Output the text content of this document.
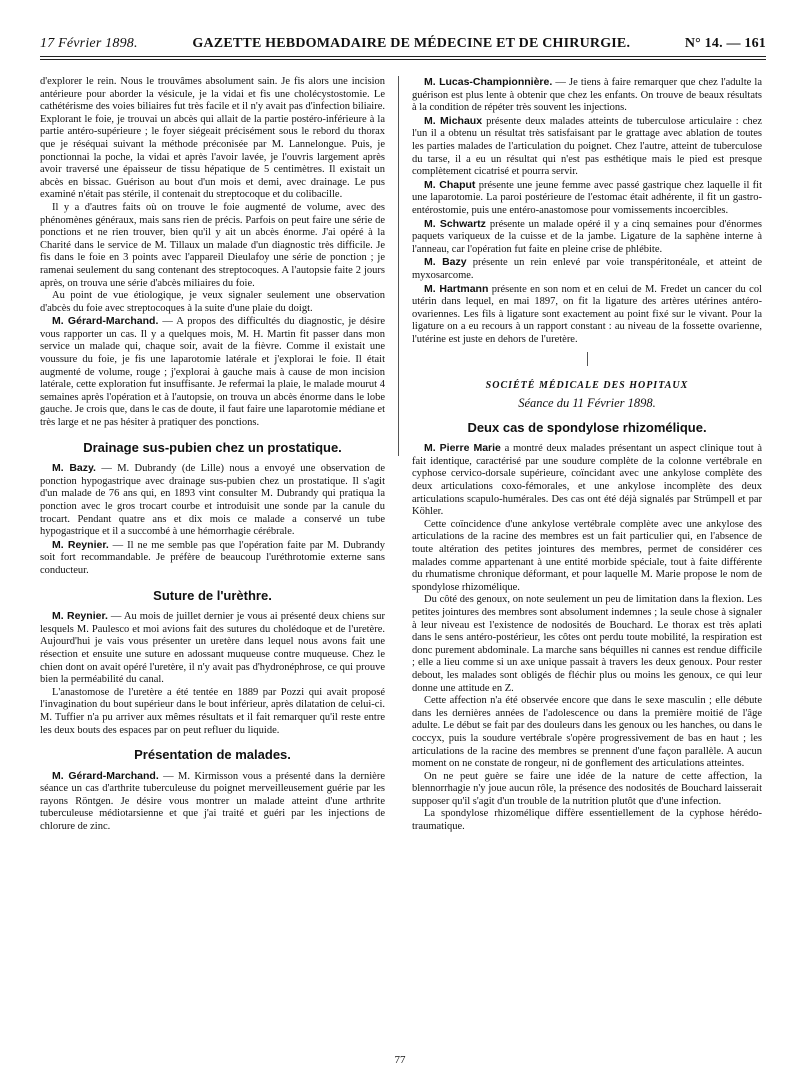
17 Février 1898.	GAZETTE HEBDOMADAIRE DE MÉDECINE ET DE CHIRURGIE.	N° 14. — 161

d'explorer le rein. Nous le trouvâmes absolument sain. Je fis alors une incision antérieure pour aborder la vésicule, je la vidai et fis une cholécystostomie. Le cathétérisme des voies biliaires fut très facile et il n'y avait pas d'infection biliaire. Explorant le foie, je trouvai un abcès qui allait de la partie postéro-inférieure à la partie antéro-supérieure ; le foyer siégeait précisément sous le rebord du thorax que je réséquai suivant la méthode préconisée par M. Lannelongue. Puis, je ponctionnai la poche, la vidai et après l'avoir lavée, je l'ouvris largement après avoir traversé une épaisseur de tissu hépatique de 5 centimètres. Il existait un abcès en bissac. Guérison au bout d'un mois et demi, avec drainage. Le pus examiné n'était pas stérile, il contenait du streptocoque et du colibacille.

Il y a d'autres faits où on trouve le foie augmenté de volume, avec des phénomènes généraux, mais sans rien de précis. Parfois on peut faire une série de ponctions et ne rien trouver, bien qu'il y ait un abcès énorme. J'ai opéré à la Charité dans le service de M. Tillaux un malade d'un diagnostic très difficile. Je fis dans le foie en 3 points avec l'appareil Dieulafoy une série de ponction ; je ramenai seulement du sang contenant des streptocoques. A l'autopsie faite 2 jours après, on trouva une série d'abcès miliaires du foie.

Au point de vue étiologique, je veux signaler seulement une observation d'abcès du foie avec streptocoques à la suite d'une plaie du doigt.

M. Gérard-Marchand. — A propos des difficultés du diagnostic, je désire vous rapporter un cas. Il y a quelques mois, M. H. Martin fit passer dans mon service un malade qui, chaque soir, avait de la fièvre. Comme il existait une voussure du foie, je fis une laparotomie latérale et j'explorai le foie. Il était augmenté de volume, rouge ; j'explorai à gauche mais à cause de mon incision latérale, cette exploration fut insuffisante. Je refermai la plaie, le malade mourut 4 semaines après l'opération et à l'autopsie, on trouva un abcès énorme dans le lobe gauche. Je crois que, dans le cas de doute, il faut faire une laparotomie médiane et très large et ne pas hésiter à pratiquer des ponctions.

Drainage sus-pubien chez un prostatique.

M. Bazy. — M. Dubrandy (de Lille) nous a envoyé une observation de ponction hypogastrique avec drainage sus-pubien chez un prostatique. Il s'agit d'un malade de 76 ans qui, en 1893 vint consulter M. Dubrandy qui pratiqua la ponction avec le gros trocart courbe et introduisit une sonde par la canule du trocart. Pendant quatre ans et dix mois ce malade a conservé un tube hypogastrique et il a succombé à une hémorrhagie cérébrale.

M. Reynier. — Il ne me semble pas que l'opération faite par M. Dubrandy soit fort recommandable. Je préfère de beaucoup l'uréthrotomie externe sans conducteur.

Suture de l'urèthre.

M. Reynier. — Au mois de juillet dernier je vous ai présenté deux chiens sur lesquels M. Paulesco et moi avions fait des sutures du cholédoque et de l'uretère. Aujourd'hui je vais vous présenter un uretère dans lequel nous avons fait une résection et ensuite une suture en adossant muqueuse contre muqueuse. Chez le chien dont on avait opéré l'uretère, il n'y avait pas d'hydronéphrose, ce qui prouve bien la perméabilité du canal.

L'anastomose de l'uretère a été tentée en 1889 par Pozzi qui avait proposé l'invagination du bout supérieur dans le bout inférieur, après dilatation de celui-ci. M. Tuffier n'a pu arriver aux mêmes résultats et il fait remarquer qu'il reste entre les deux bouts des espaces par on peut refluer du liquide.

Présentation de malades.

M. Gérard-Marchand. — M. Kirmisson vous a présenté dans la dernière séance un cas d'arthrite tuberculeuse du poignet merveilleusement guérie par les rayons Röntgen. Je désire vous montrer un malade atteint d'une arthrite tuberculeuse médiotarsienne et que j'ai traité et guéri par les injections de chlorure de zinc.

M. Lucas-Championnière. — Je tiens à faire remarquer que chez l'adulte la guérison est plus lente à obtenir que chez les enfants. On trouve de beaux résultats à la condition de répéter très souvent les injections.

M. Michaux présente deux malades atteints de tuberculose articulaire : chez l'un il a obtenu un résultat très satisfaisant par le grattage avec ablation de toutes les parties malades de l'articulation du poignet. Chez l'autre, atteint de tuberculose du tarse, il a eu un résultat qui n'est pas esthétique mais le pied est presque complètement cicatrisé et pourra servir.

M. Chaput présente une jeune femme avec passé gastrique chez laquelle il fit une laparotomie. La paroi postérieure de l'estomac était adhérente, il fit un gastro-entérostomie, puis une entéro-anastomose pour vomissements incoercibles.

M. Schwartz présente un malade opéré il y a cinq semaines pour d'énormes paquets variqueux de la cuisse et de la jambe. Ligature de la saphène interne à l'anneau, car l'opération fut faite en pleine crise de phlébite.

M. Bazy présente un rein enlevé par voie transpéritonéale, et atteint de myxosarcome.

M. Hartmann présente en son nom et en celui de M. Fredet un cancer du col utérin dans lequel, en mai 1897, on fit la ligature des artères utérines antéro-ovariennes. Les fils à ligature sont exactement au point fixé sur le vivant. Pour la ligature on a eu recours à un rapport constant : au niveau de la fossette ovarienne, l'utérine est juste en dehors de l'uretère.

SOCIÉTÉ MÉDICALE DES HOPITAUX
Séance du 11 Février 1898.
Deux cas de spondylose rhizomélique.

M. Pierre Marie a montré deux malades présentant un aspect clinique tout à fait identique, caractérisé par une soudure complète de la colonne vertébrale en cyphose cervico-dorsale supérieure, coïncidant avec une ankylose complète des deux articulations coxo-fémorales, et une ankylose incomplète des deux articulations scapulo-humérales. Des cas ont été déjà signalés par Strümpell et par Köhler.

Cette coïncidence d'une ankylose vertébrale complète avec une ankylose des articulations de la racine des membres est un fait particulier qui, en l'absence de toute altération des petites jointures des membres, permet de considérer ces malades comme appartenant à une entité morbide spéciale, tout à faite différente du rhumatisme chronique déformant, et pour laquelle M. Marie propose le nom de spondylose rhizomélique.

Du côté des genoux, on note seulement un peu de limitation dans la flexion. Les petites jointures des membres sont absolument indemnes ; la seule chose à signaler à leur niveau est l'existence de nodosités de Bouchard. Le thorax est très aplati dans le sens antéro-postérieur, les côtes ont perdu toute mobilité, la respiration est donc purement abdominale. La marche sans béquilles ni cannes est rendue difficile ; elle a lieu comme si un axe unique passait à travers les deux genoux. Pour rester debout, les malades sont obligés de fléchir plus ou moins les genoux, ce qui leur donne une attitude en Z.

Cette affection n'a été observée encore que dans le sexe masculin ; elle débute dans les dernières années de l'adolescence ou dans la première moitié de l'âge adulte. Le début se fait par des douleurs dans les genoux ou les hanches, ou dans le coccyx, puis la soudure vertébrale s'opère progressivement de bas en haut ; les articulations de la racine des membres se prennent d'une façon parallèle. A aucun moment on ne constate de rongeur, ni de gonflement des articulations atteintes.

On ne peut guère se faire une idée de la nature de cette affection, la blennorrhagie n'y joue aucun rôle, la présence des nodosités de Bouchard laisserait supposer qu'il s'agit d'un trouble de la nutrition plutôt que d'une infection.

La spondylose rhizomélique diffère essentiellement de la cyphose hérédo-traumatique.

77
